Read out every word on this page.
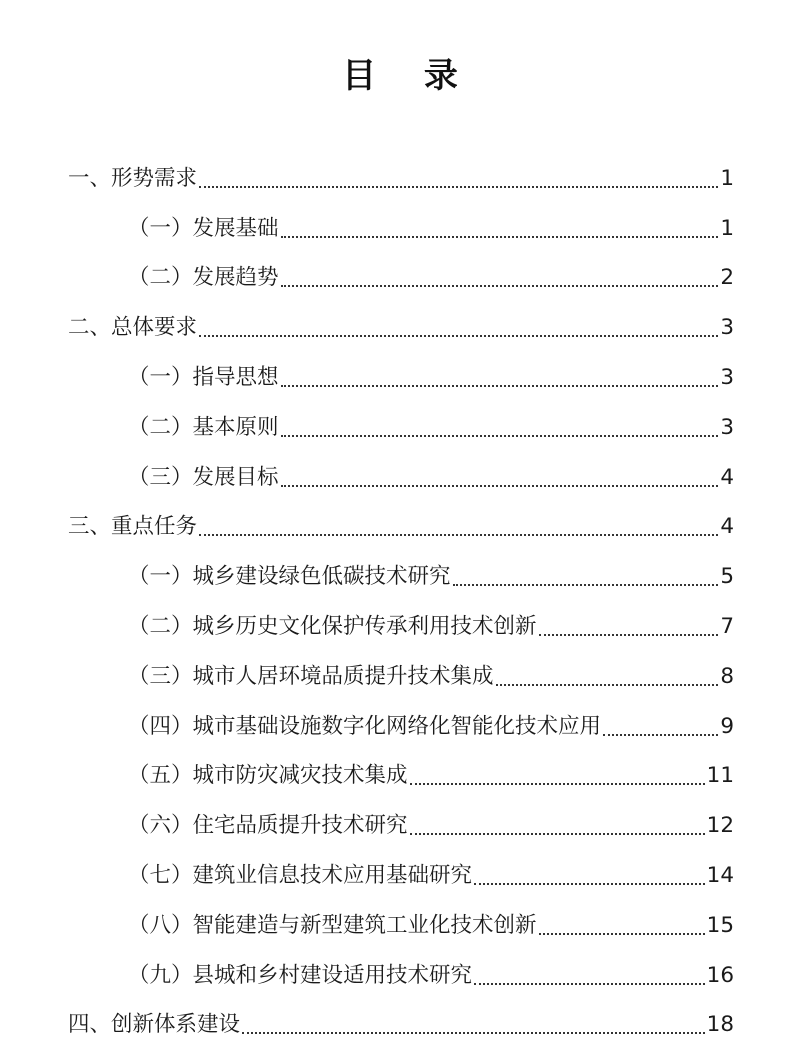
目 录
一、形势需求	1
（一）发展基础	1
（二）发展趋势	2
二、总体要求	3
（一）指导思想	3
（二）基本原则	3
（三）发展目标	4
三、重点任务	4
（一）城乡建设绿色低碳技术研究	5
（二）城乡历史文化保护传承利用技术创新	7
（三）城市人居环境品质提升技术集成	8
（四）城市基础设施数字化网络化智能化技术应用	9
（五）城市防灾减灾技术集成	11
（六）住宅品质提升技术研究	12
（七）建筑业信息技术应用基础研究	14
（八）智能建造与新型建筑工业化技术创新	15
（九）县城和乡村建设适用技术研究	16
四、创新体系建设	18
